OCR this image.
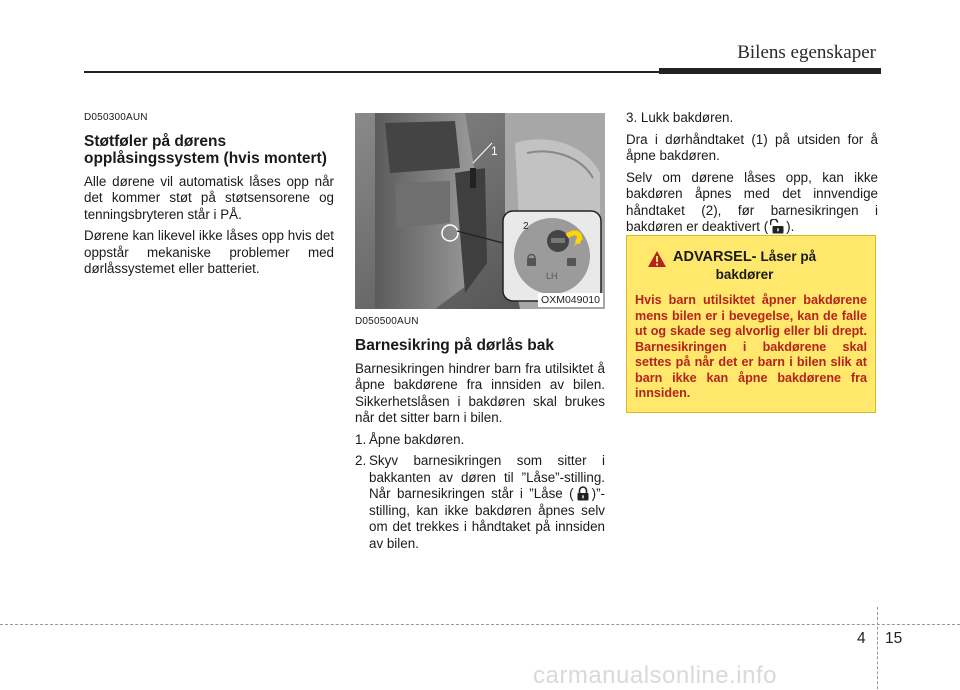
Bilens egenskaper
D050300AUN
Støtføler på dørens opplåsingssystem (hvis montert)

Alle dørene vil automatisk låses opp når det kommer støt på støtsensorene og tenningsbryteren står i PÅ.

Dørene kan likevel ikke låses opp hvis det oppstår mekaniske problemer med dørlåssystemet eller batteriet.

1
LH
2
OXM049010
D050500AUN
Barnesikring på dørlås bak

Barnesikringen hindrer barn fra utilsiktet å åpne bakdørene fra innsiden av bilen. Sikkerhetslåsen i bakdøren skal brukes når det sitter barn i bilen.

1. Åpne bakdøren.
2. Skyv barnesikringen som sitter i bakkanten av døren til ”Låse”-stilling. Når barnesikringen står i ”Låse ( )”-stilling, kan ikke bakdøren åpnes selv om det trekkes i håndtaket på innsiden av bilen.

3. Lukk bakdøren.

Dra i dørhåndtaket (1) på utsiden for å åpne bakdøren.

Selv om dørene låses opp, kan ikke bakdøren åpnes med det innvendige håndtaket (2), før barnesikringen i bakdøren er deaktivert ( ).

ADVARSEL- Låser på
bakdører

Hvis barn utilsiktet åpner bakdørene mens bilen er i bevegelse, kan de falle ut og skade seg alvorlig eller bli drept. Barnesikringen i bakdørene skal settes på når det er barn i bilen slik at barn ikke kan åpne bakdørene fra innsiden.

4 15
carmanualsonline.info
